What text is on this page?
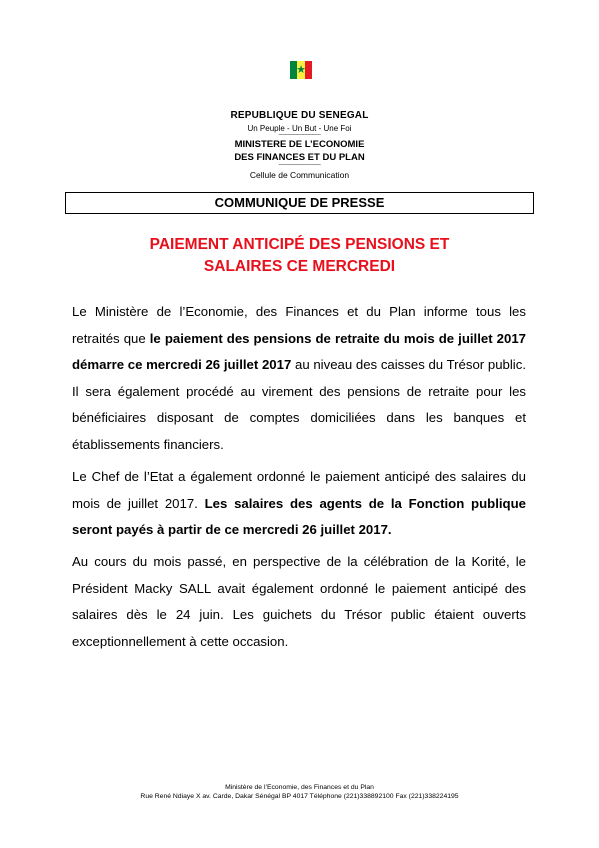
★
REPUBLIQUE DU SENEGAL
Un Peuple - Un But - Une Foi
----------------------------
MINISTERE DE L’ECONOMIE
DES FINANCES ET DU PLAN
----------------------------
Cellule de Communication
COMMUNIQUE DE PRESSE
PAIEMENT ANTICIPÉ DES PENSIONS ET
SALAIRES CE MERCREDI
Le Ministère de l’Economie, des Finances et du Plan informe tous les retraités que le paiement des pensions de retraite du mois de juillet 2017 démarre ce mercredi 26 juillet 2017 au niveau des caisses du Trésor public. Il sera également procédé au virement des pensions de retraite pour les bénéficiaires disposant de comptes domiciliées dans les banques et établissements financiers.
Le Chef de l’Etat a également ordonné le paiement anticipé des salaires du mois de juillet 2017. Les salaires des agents de la Fonction publique seront payés à partir de ce mercredi 26 juillet 2017.
Au cours du mois passé, en perspective de la célébration de la Korité, le Président Macky SALL avait également ordonné le paiement anticipé des salaires dès le 24 juin. Les guichets du Trésor public étaient ouverts exceptionnellement à cette occasion.
Ministère de l’Economie, des Finances et du Plan
Rue René Ndiaye X av. Carde, Dakar Sénégal BP 4017 Téléphone (221)338892100 Fax (221)338224195
